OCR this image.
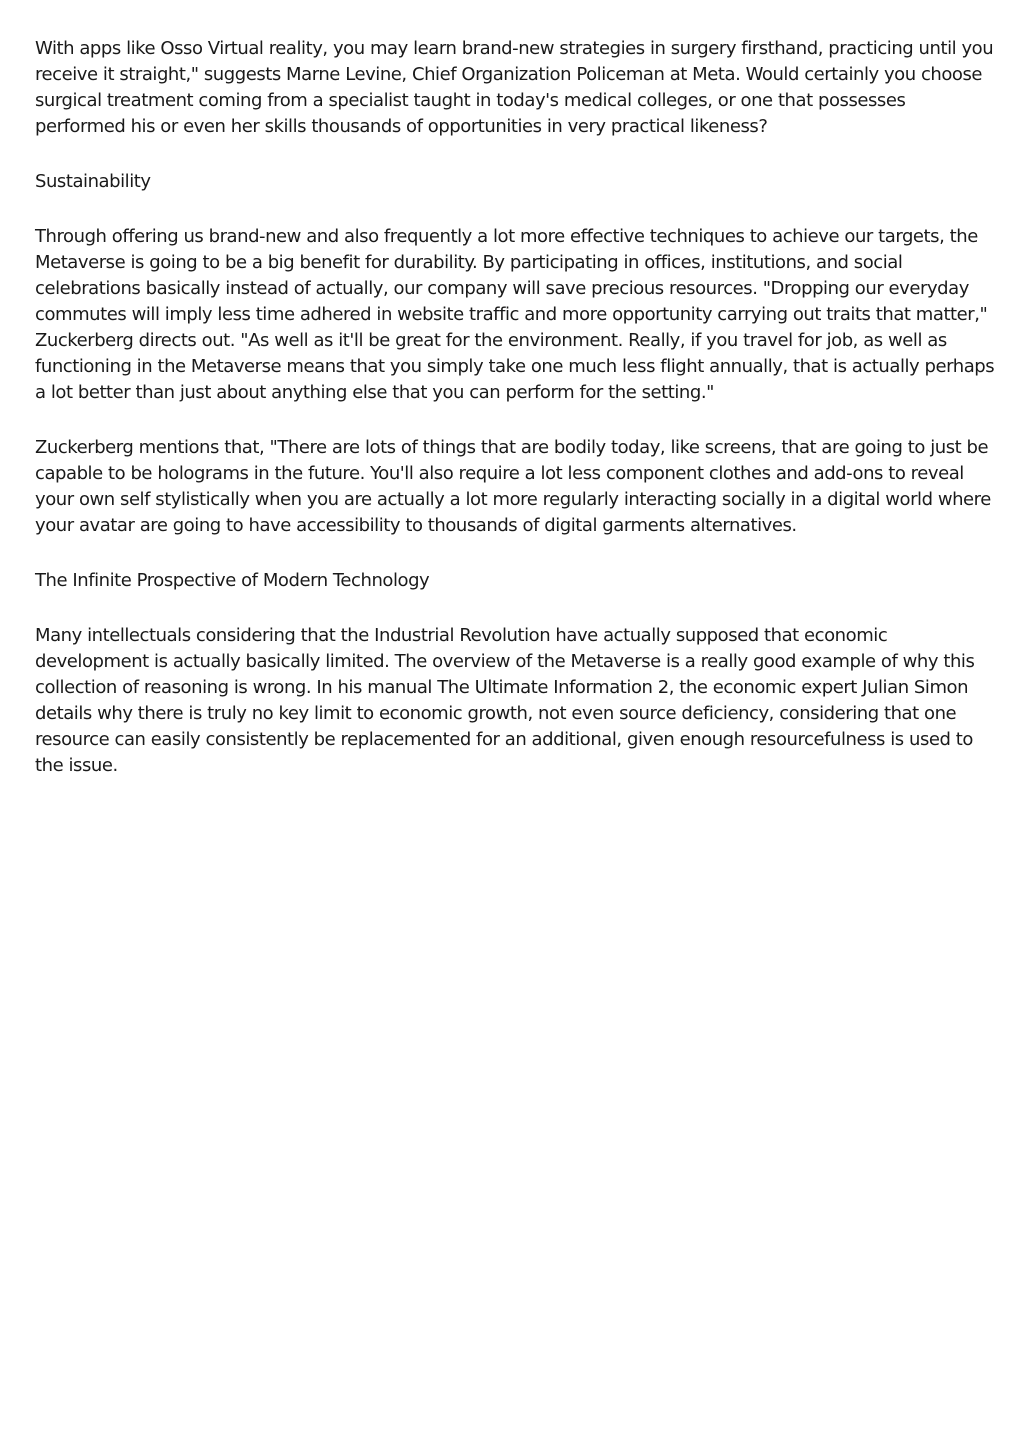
With apps like Osso Virtual reality, you may learn brand-new strategies in surgery firsthand, practicing until you receive it straight," suggests Marne Levine, Chief Organization Policeman at Meta. Would certainly you choose surgical treatment coming from a specialist taught in today's medical colleges, or one that possesses performed his or even her skills thousands of opportunities in very practical likeness?

Sustainability

Through offering us brand-new and also frequently a lot more effective techniques to achieve our targets, the Metaverse is going to be a big benefit for durability. By participating in offices, institutions, and social celebrations basically instead of actually, our company will save precious resources. "Dropping our everyday commutes will imply less time adhered in website traffic and more opportunity carrying out traits that matter," Zuckerberg directs out. "As well as it'll be great for the environment. Really, if you travel for job, as well as functioning in the Metaverse means that you simply take one much less flight annually, that is actually perhaps a lot better than just about anything else that you can perform for the setting."

Zuckerberg mentions that, "There are lots of things that are bodily today, like screens, that are going to just be capable to be holograms in the future. You'll also require a lot less component clothes and add-ons to reveal your own self stylistically when you are actually a lot more regularly interacting socially in a digital world where your avatar are going to have accessibility to thousands of digital garments alternatives.

The Infinite Prospective of Modern Technology

Many intellectuals considering that the Industrial Revolution have actually supposed that economic development is actually basically limited. The overview of the Metaverse is a really good example of why this collection of reasoning is wrong. In his manual The Ultimate Information 2, the economic expert Julian Simon details why there is truly no key limit to economic growth, not even source deficiency, considering that one resource can easily consistently be replacemented for an additional, given enough resourcefulness is used to the issue.
